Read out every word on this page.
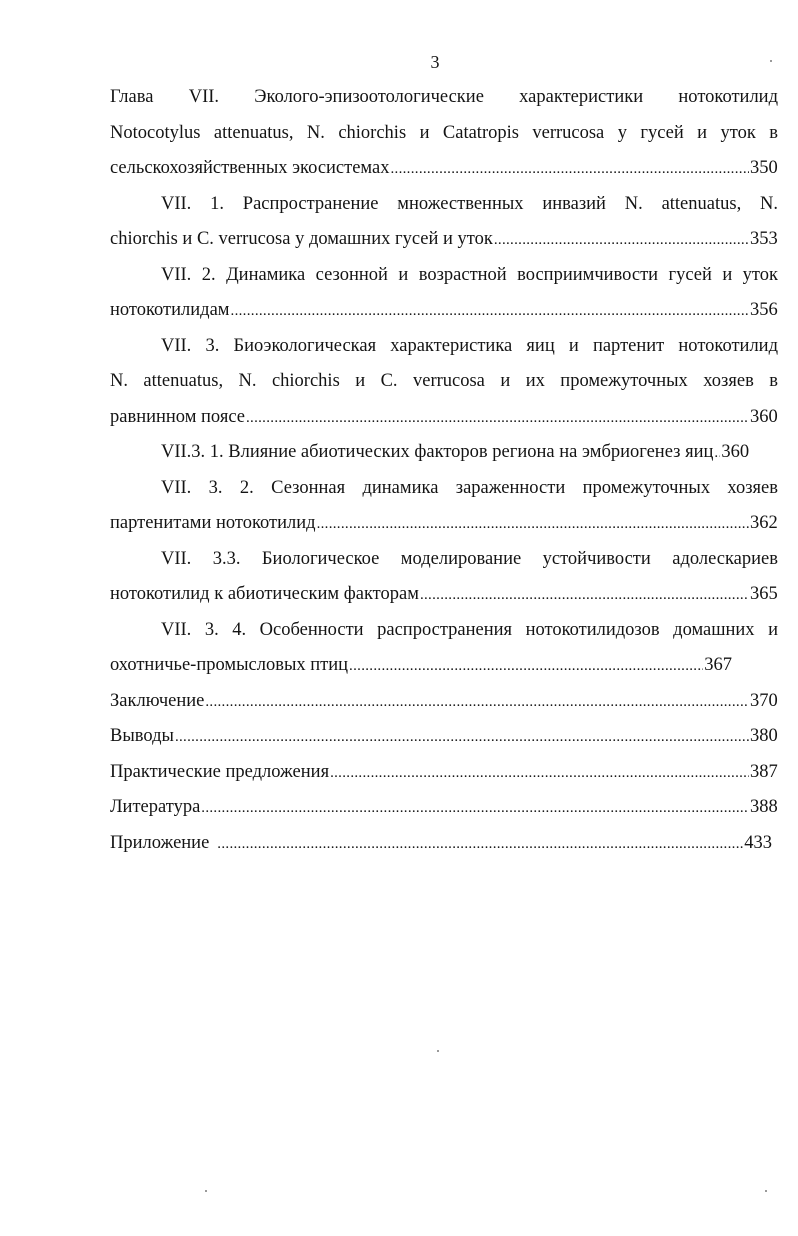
3
Глава VII. Эколого-эпизоотологические характеристики нотокотилид
Notocotylus attenuatus, N. chiorchis и Catatropis verrucosa у гусей и уток в
сельскохозяйственных экосистемах .....	350
VII. 1. Распространение множественных инвазий N. attenuatus, N.
chiorchis и C. verrucosa у домашних гусей и уток .....	353
VII. 2. Динамика сезонной и возрастной восприимчивости гусей и уток
нотокотилидам .....	356
VII. 3. Биоэкологическая характеристика яиц и партенит нотокотилид
N. attenuatus, N. chiorchis и C. verrucosa и их промежуточных хозяев в
равнинном поясе .....	360
VII.3. 1. Влияние абиотических факторов региона на эмбриогенез яиц ..... 360
VII. 3. 2. Сезонная динамика зараженности промежуточных хозяев
партенитами нотокотилид .....	362
VII. 3.3. Биологическое моделирование устойчивости адолескариев
нотокотилид к абиотическим факторам .....	365
VII. 3. 4. Особенности распространения нотокотилидозов домашних и
охотничье-промысловых птиц .....	367
Заключение .....	370
Выводы .....	380
Практические предложения .....	387
Литература .....	388
Приложение .....	433
